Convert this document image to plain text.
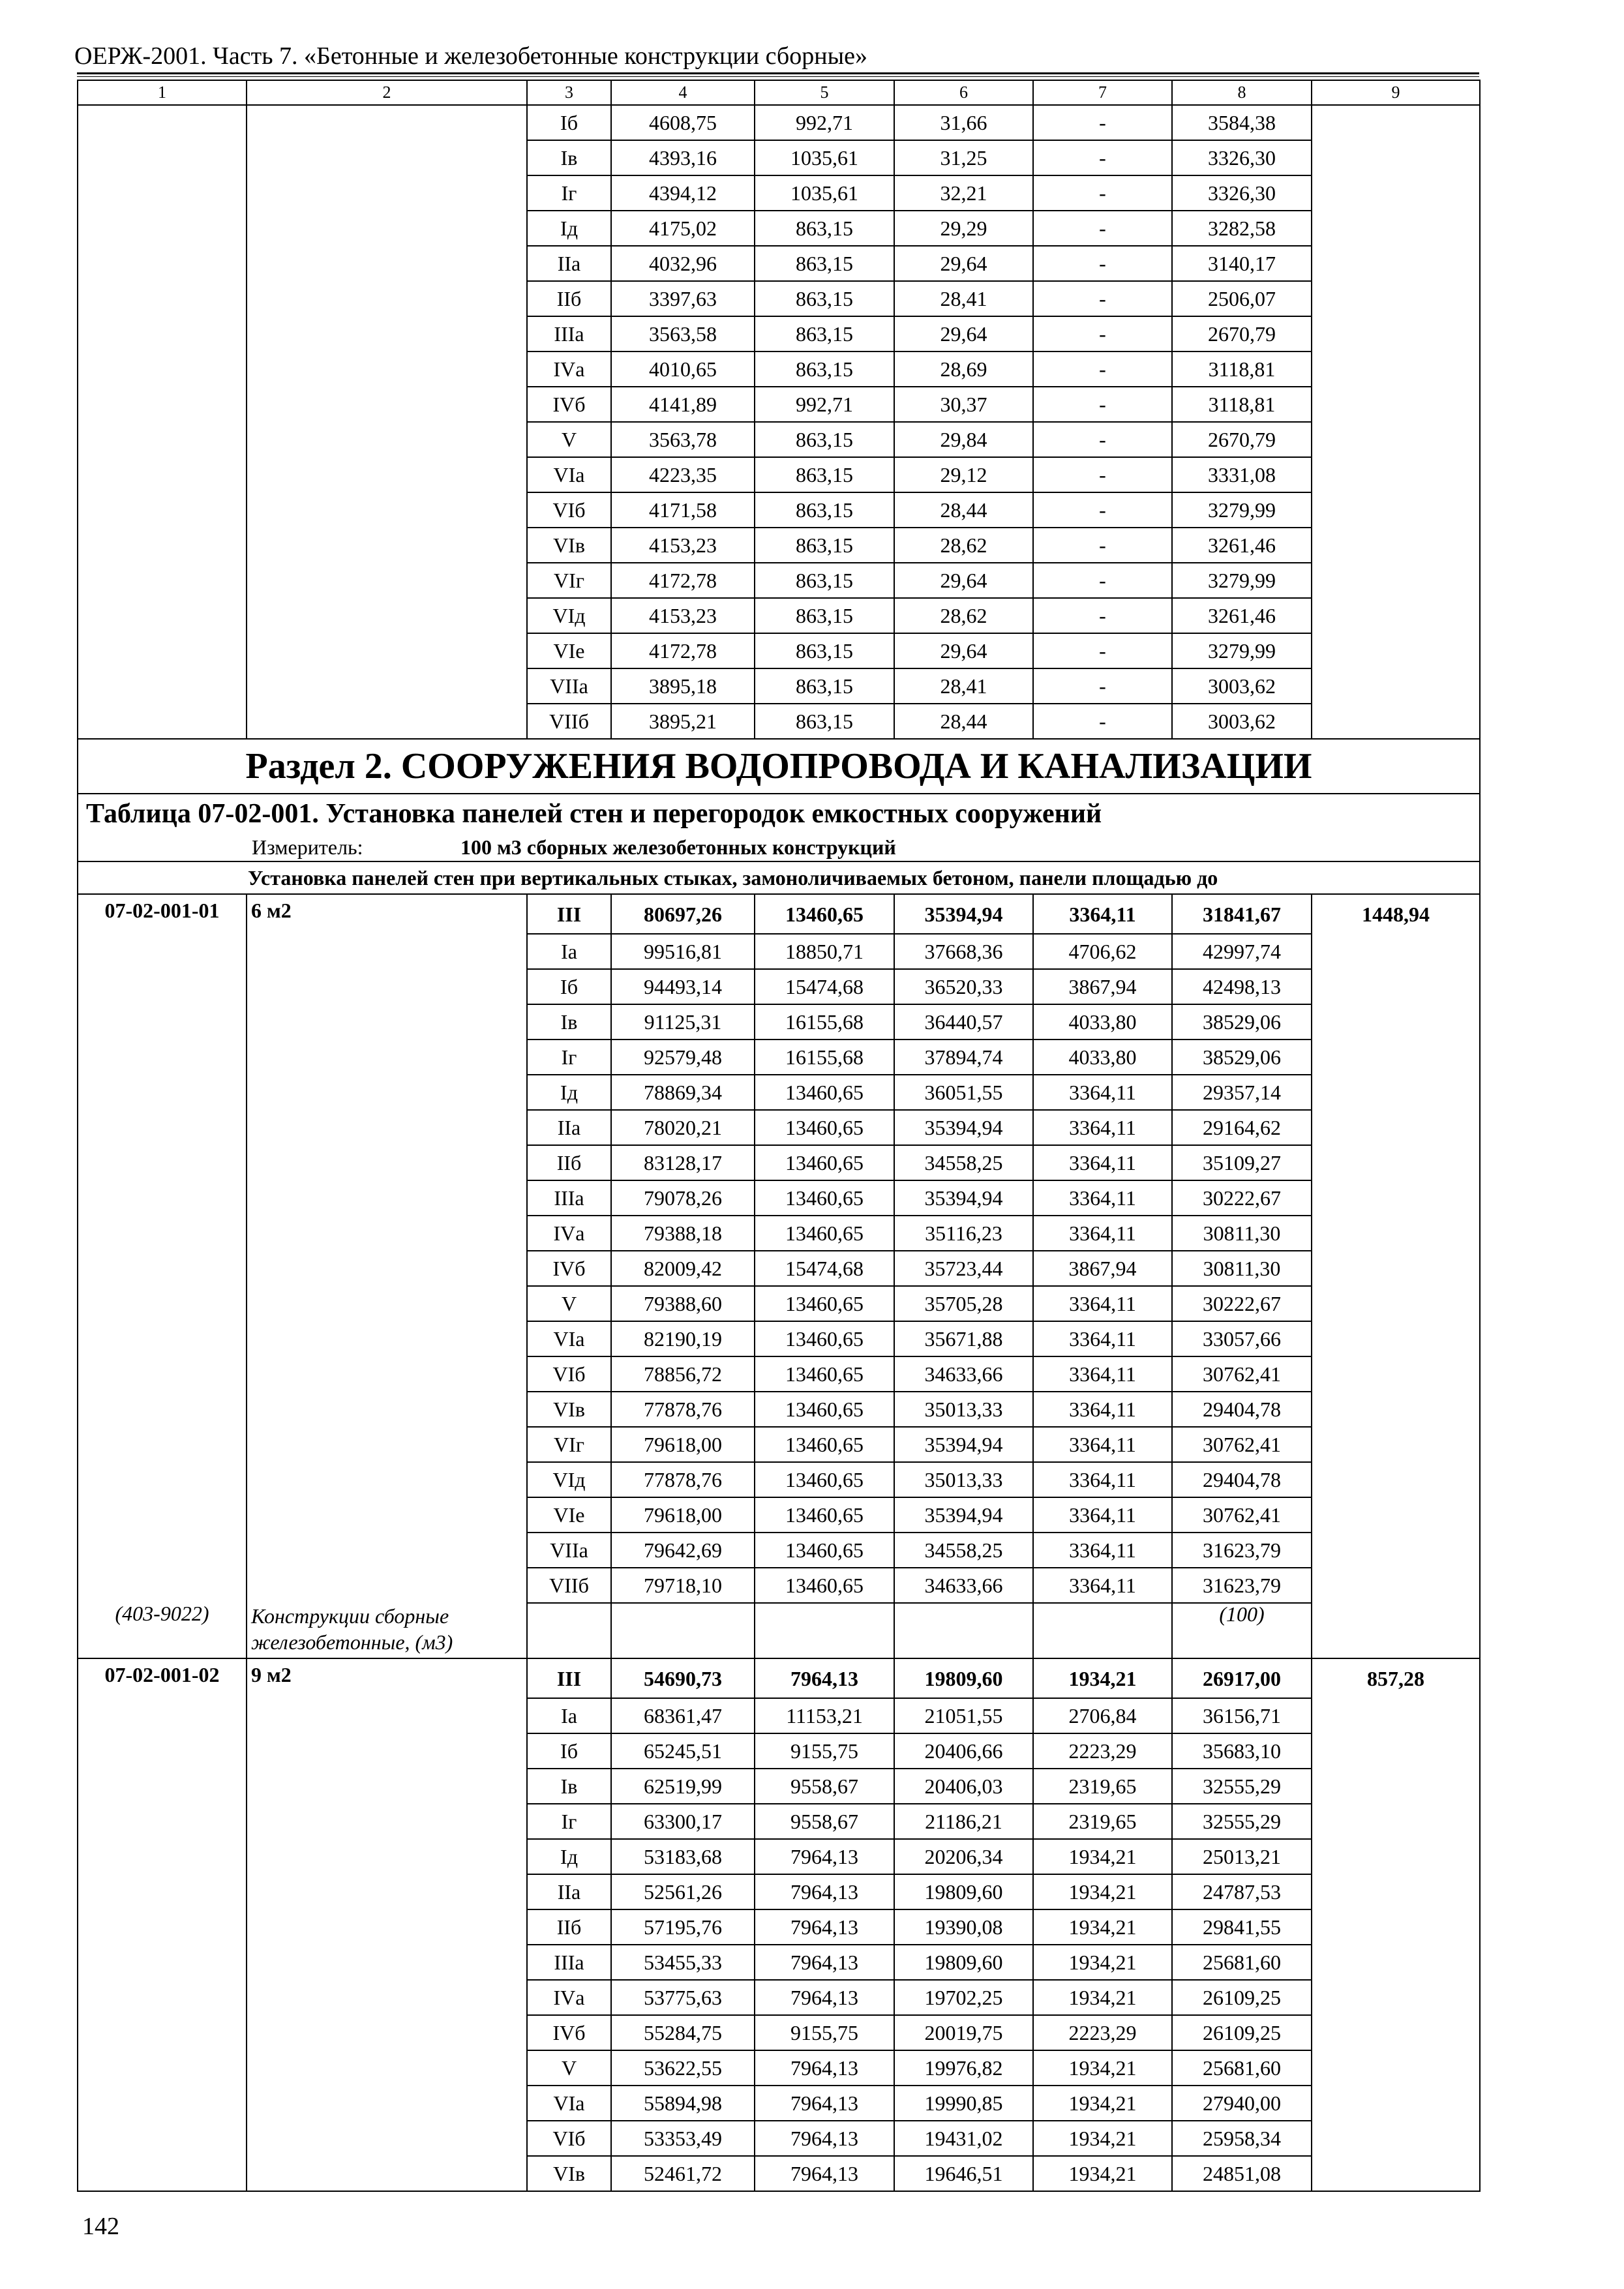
ОЕРЖ-2001. Часть 7. «Бетонные и железобетонные конструкции сборные»
1	2	3	4	5	6	7	8	9
		Iб	4608,75	992,71	31,66	-	3584,38	
		Iв	4393,16	1035,61	31,25	-	3326,30	
		Iг	4394,12	1035,61	32,21	-	3326,30	
		Iд	4175,02	863,15	29,29	-	3282,58	
		IIа	4032,96	863,15	29,64	-	3140,17	
		IIб	3397,63	863,15	28,41	-	2506,07	
		IIIа	3563,58	863,15	29,64	-	2670,79	
		IVа	4010,65	863,15	28,69	-	3118,81	
		IVб	4141,89	992,71	30,37	-	3118,81	
		V	3563,78	863,15	29,84	-	2670,79	
		VIа	4223,35	863,15	29,12	-	3331,08	
		VIб	4171,58	863,15	28,44	-	3279,99	
		VIв	4153,23	863,15	28,62	-	3261,46	
		VIг	4172,78	863,15	29,64	-	3279,99	
		VIд	4153,23	863,15	28,62	-	3261,46	
		VIе	4172,78	863,15	29,64	-	3279,99	
		VIIа	3895,18	863,15	28,41	-	3003,62	
		VIIб	3895,21	863,15	28,44	-	3003,62	
Раздел 2. СООРУЖЕНИЯ ВОДОПРОВОДА И КАНАЛИЗАЦИИ								
Таблица 07-02-001. Установка панелей стен и перегородок емкостных сооружений								
Измеритель: 100 м3 сборных железобетонных конструкций								
Установка панелей стен при вертикальных стыках, замоноличиваемых бетоном, панели площадью до								
07-02-001-01	6 м2	III	80697,26	13460,65	35394,94	3364,11	31841,67	1448,94
		Iа	99516,81	18850,71	37668,36	4706,62	42997,74	
		Iб	94493,14	15474,68	36520,33	3867,94	42498,13	
		Iв	91125,31	16155,68	36440,57	4033,80	38529,06	
		Iг	92579,48	16155,68	37894,74	4033,80	38529,06	
		Iд	78869,34	13460,65	36051,55	3364,11	29357,14	
		IIа	78020,21	13460,65	35394,94	3364,11	29164,62	
		IIб	83128,17	13460,65	34558,25	3364,11	35109,27	
		IIIа	79078,26	13460,65	35394,94	3364,11	30222,67	
		IVа	79388,18	13460,65	35116,23	3364,11	30811,30	
		IVб	82009,42	15474,68	35723,44	3867,94	30811,30	
		V	79388,60	13460,65	35705,28	3364,11	30222,67	
		VIа	82190,19	13460,65	35671,88	3364,11	33057,66	
		VIб	78856,72	13460,65	34633,66	3364,11	30762,41	
		VIв	77878,76	13460,65	35013,33	3364,11	29404,78	
		VIг	79618,00	13460,65	35394,94	3364,11	30762,41	
		VIд	77878,76	13460,65	35013,33	3364,11	29404,78	
		VIе	79618,00	13460,65	35394,94	3364,11	30762,41	
		VIIа	79642,69	13460,65	34558,25	3364,11	31623,79	
		VIIб	79718,10	13460,65	34633,66	3364,11	31623,79	
(403-9022)	Конструкции сборные железобетонные, (м3)						(100)	
07-02-001-02	9 м2	III	54690,73	7964,13	19809,60	1934,21	26917,00	857,28
		Iа	68361,47	11153,21	21051,55	2706,84	36156,71	
		Iб	65245,51	9155,75	20406,66	2223,29	35683,10	
		Iв	62519,99	9558,67	20406,03	2319,65	32555,29	
		Iг	63300,17	9558,67	21186,21	2319,65	32555,29	
		Iд	53183,68	7964,13	20206,34	1934,21	25013,21	
		IIа	52561,26	7964,13	19809,60	1934,21	24787,53	
		IIб	57195,76	7964,13	19390,08	1934,21	29841,55	
		IIIа	53455,33	7964,13	19809,60	1934,21	25681,60	
		IVа	53775,63	7964,13	19702,25	1934,21	26109,25	
		IVб	55284,75	9155,75	20019,75	2223,29	26109,25	
		V	53622,55	7964,13	19976,82	1934,21	25681,60	
		VIа	55894,98	7964,13	19990,85	1934,21	27940,00	
		VIб	53353,49	7964,13	19431,02	1934,21	25958,34	
		VIв	52461,72	7964,13	19646,51	1934,21	24851,08	
142
